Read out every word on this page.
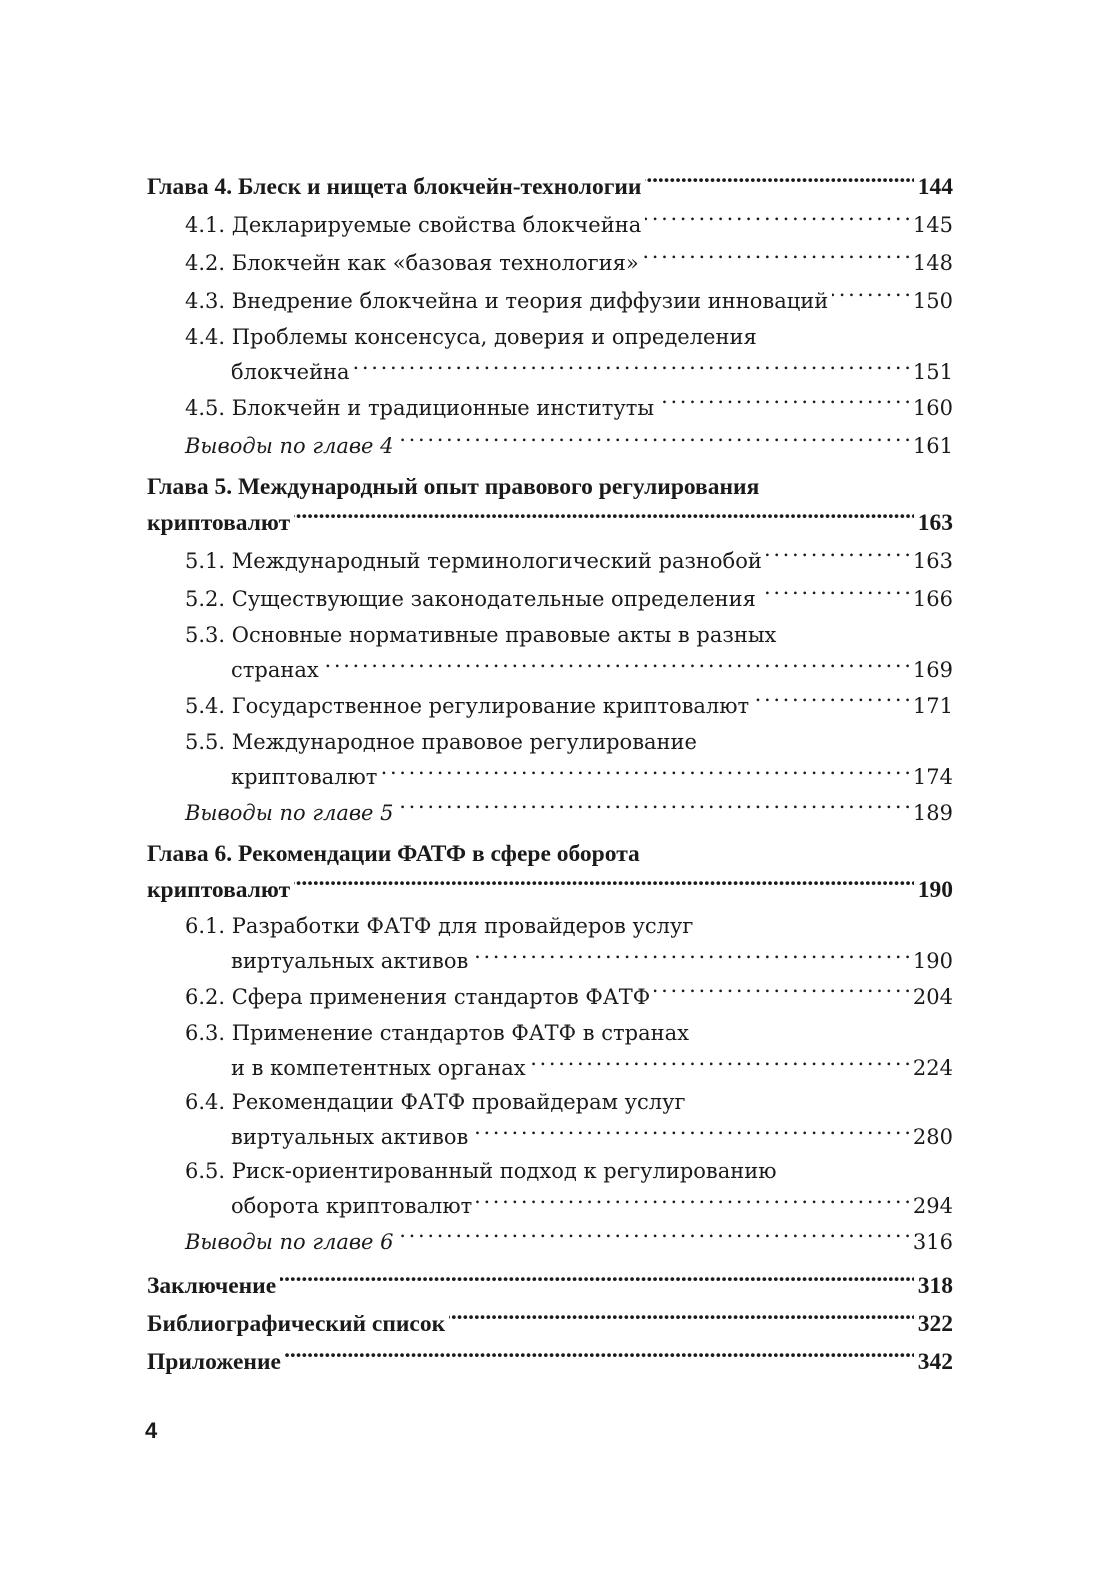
Глава 4. Блеск и нищета блокчейн-технологии . . .	144
4.1. Декларируемые свойства блокчейна . . .	145
4.2. Блокчейн как «базовая технология» . . .	148
4.3. Внедрение блокчейна и теория диффузии инноваций . . .	150
4.4. Проблемы консенсуса, доверия и определения
блокчейна . . .	151
4.5. Блокчейн и традиционные институты . . .	160
Выводы по главе 4 . . .	161
Глава 5. Международный опыт правового регулирования
криптовалют . . .	163
5.1. Международный терминологический разнобой . . .	163
5.2. Существующие законодательные определения . . .	166
5.3. Основные нормативные правовые акты в разных
странах . . .	169
5.4. Государственное регулирование криптовалют . . .	171
5.5. Международное правовое регулирование
криптовалют . . .	174
Выводы по главе 5 . . .	189
Глава 6. Рекомендации ФАТФ в сфере оборота
криптовалют . . .	190
6.1. Разработки ФАТФ для провайдеров услуг
виртуальных активов . . .	190
6.2. Сфера применения стандартов ФАТФ . . .	204
6.3. Применение стандартов ФАТФ в странах
и в компетентных органах . . .	224
6.4. Рекомендации ФАТФ провайдерам услуг
виртуальных активов . . .	280
6.5. Риск-ориентированный подход к регулированию
оборота криптовалют . . .	294
Выводы по главе 6 . . .	316
Заключение . . .	318
Библиографический список . . .	322
Приложение . . .	342
4
